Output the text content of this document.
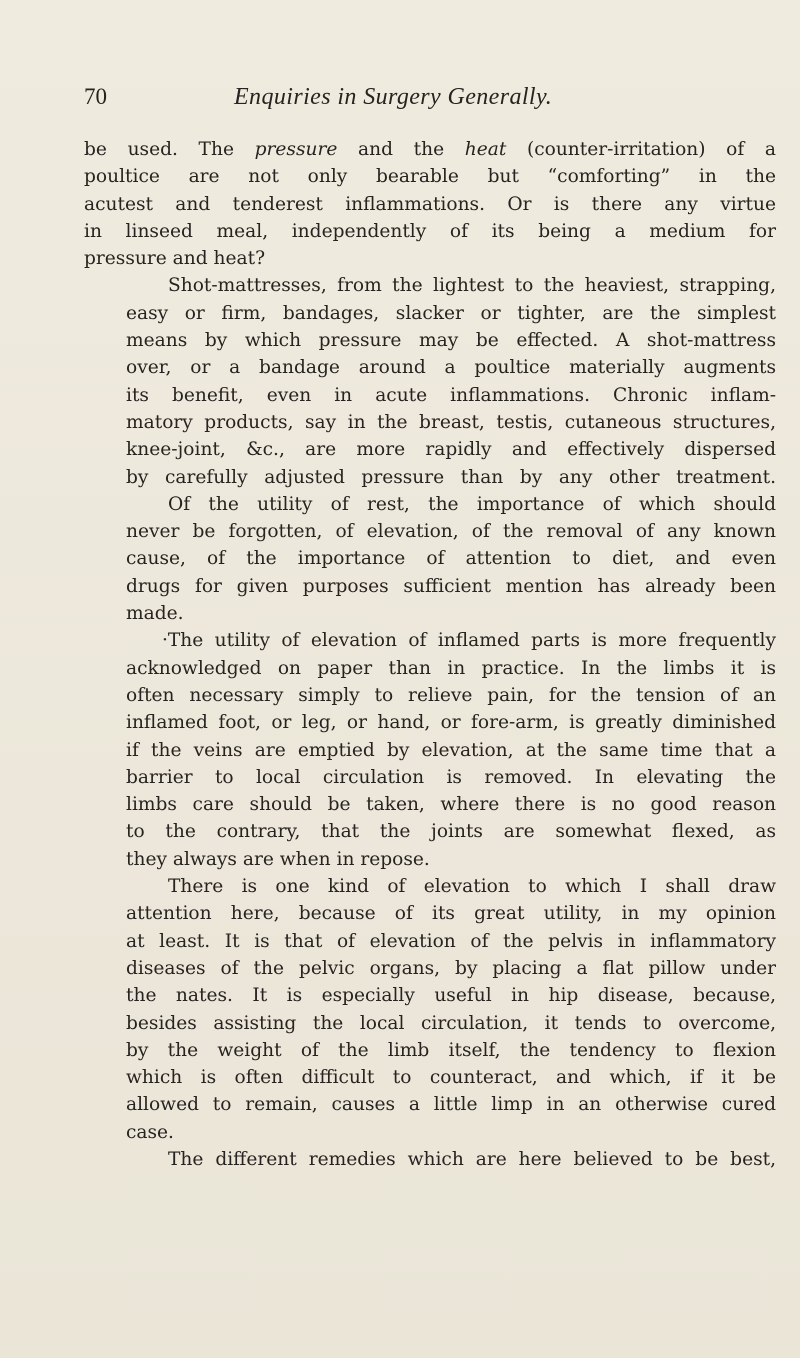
70	Enquiries in Surgery Generally.
be used. The pressure and the heat (counter-irritation) of a
poultice are not only bearable but “comforting” in the
acutest and tenderest inflammations. Or is there any virtue
in linseed meal, independently of its being a medium for
pressure and heat?
Shot-mattresses, from the lightest to the heaviest, strapping,
easy or firm, bandages, slacker or tighter, are the simplest
means by which pressure may be effected. A shot-mattress
over, or a bandage around a poultice materially augments
its benefit, even in acute inflammations. Chronic inflam-
matory products, say in the breast, testis, cutaneous structures,
knee-joint, &c., are more rapidly and effectively dispersed
by carefully adjusted pressure than by any other treatment.
Of the utility of rest, the importance of which should
never be forgotten, of elevation, of the removal of any known
cause, of the importance of attention to diet, and even
drugs for given purposes sufficient mention has already been
made.
·The utility of elevation of inflamed parts is more frequently
acknowledged on paper than in practice. In the limbs it is
often necessary simply to relieve pain, for the tension of an
inflamed foot, or leg, or hand, or fore-arm, is greatly diminished
if the veins are emptied by elevation, at the same time that a
barrier to local circulation is removed. In elevating the
limbs care should be taken, where there is no good reason
to the contrary, that the joints are somewhat flexed, as
they always are when in repose.
There is one kind of elevation to which I shall draw
attention here, because of its great utility, in my opinion
at least. It is that of elevation of the pelvis in inflammatory
diseases of the pelvic organs, by placing a flat pillow under
the nates. It is especially useful in hip disease, because,
besides assisting the local circulation, it tends to overcome,
by the weight of the limb itself, the tendency to flexion
which is often difficult to counteract, and which, if it be
allowed to remain, causes a little limp in an otherwise cured
case.
The different remedies which are here believed to be best,
